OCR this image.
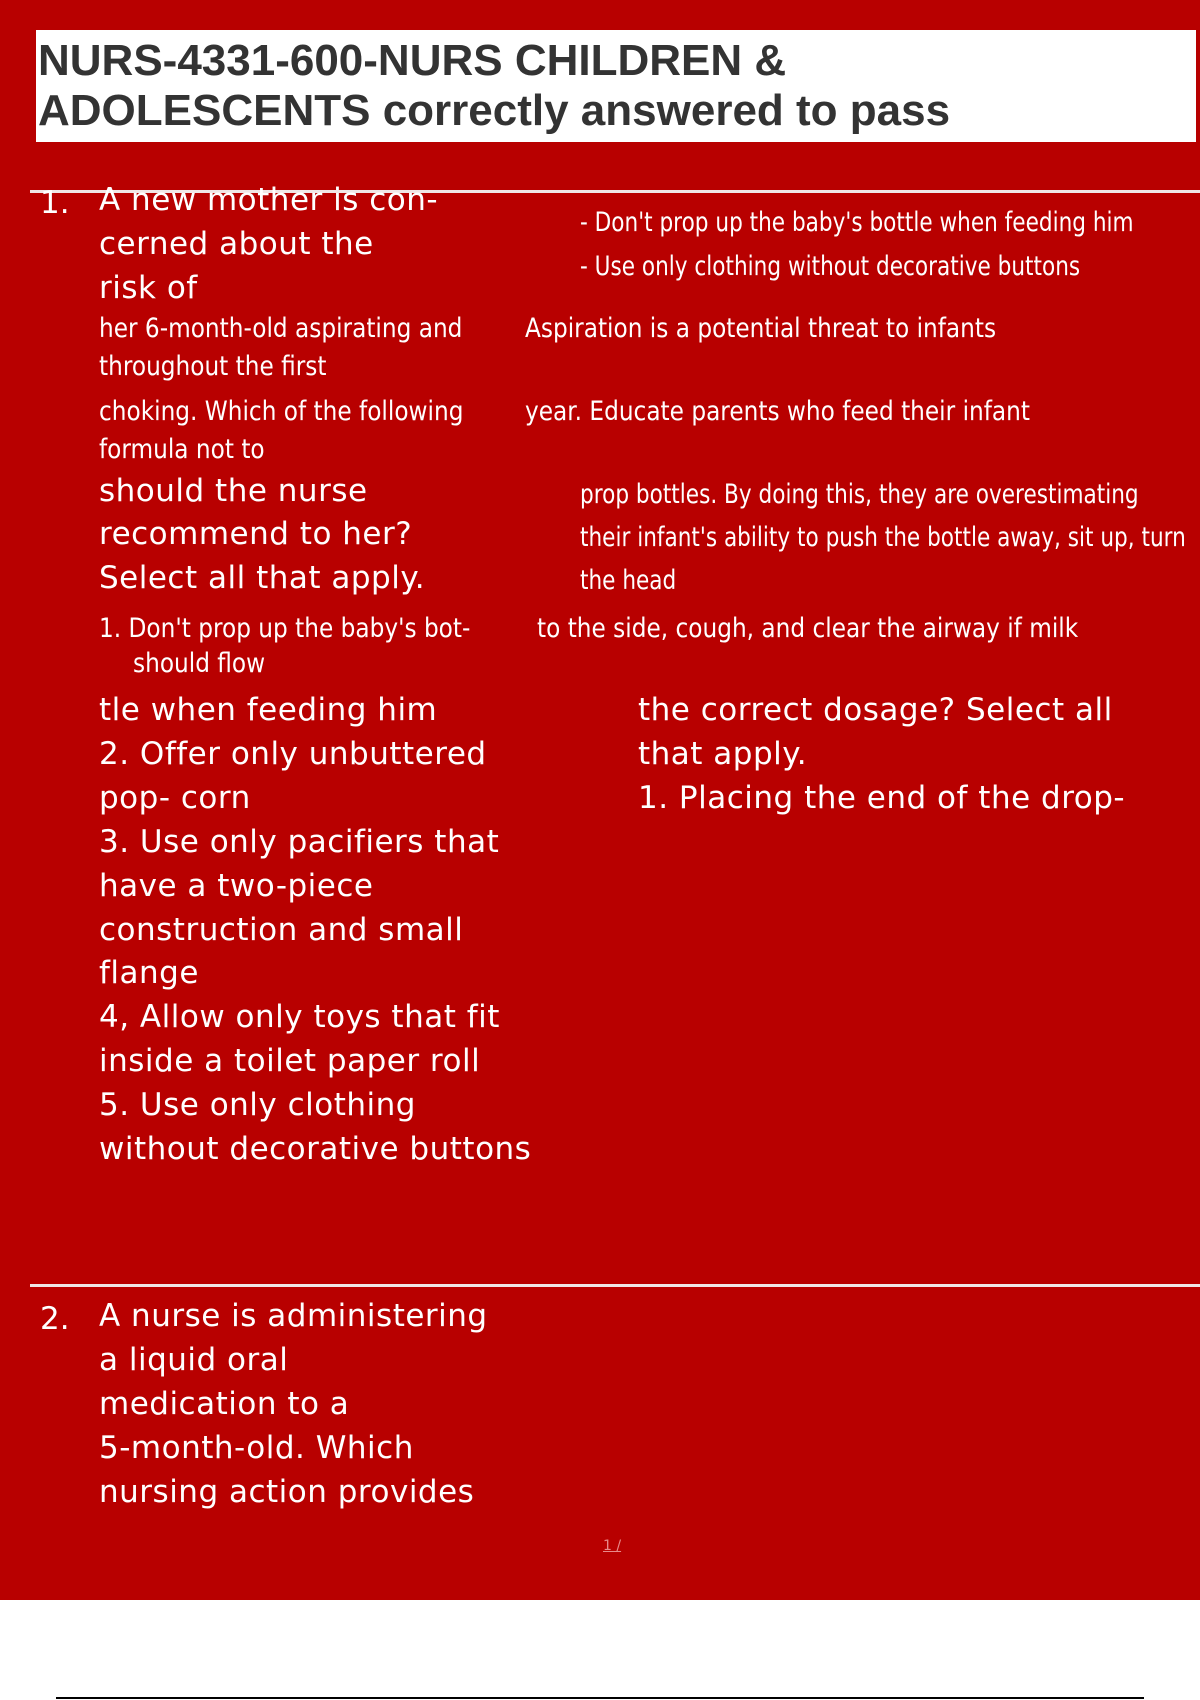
NURS-4331-600-NURS CHILDREN &
ADOLESCENTS correctly answered to pass
1. A new mother is con-
cerned about the
risk of
- Don't prop up the baby's bottle when feeding him
- Use only clothing without decorative buttons
her 6-month-old aspirating and Aspiration is a potential threat to infants
throughout the first
choking. Which of the following year. Educate parents who feed their infant
formula not to
should the nurse	prop bottles. By doing this, they are overestimating
recommend to her?	their infant's ability to push the bottle away, sit up, turn
Select all that apply.	the head
1. Don't prop up the baby's bot- to the side, cough, and clear the airway if milk
should flow
tle when feeding him	the correct dosage? Select all
2. Offer only unbuttered	that apply.
pop- corn	1. Placing the end of the drop-
3. Use only pacifiers that
have a two-piece
construction and small
flange
4, Allow only toys that fit
inside a toilet paper roll
5. Use only clothing
without decorative buttons
2. A nurse is administering
a liquid oral
medication to a
5-month-old. Which
nursing action provides
1 /
